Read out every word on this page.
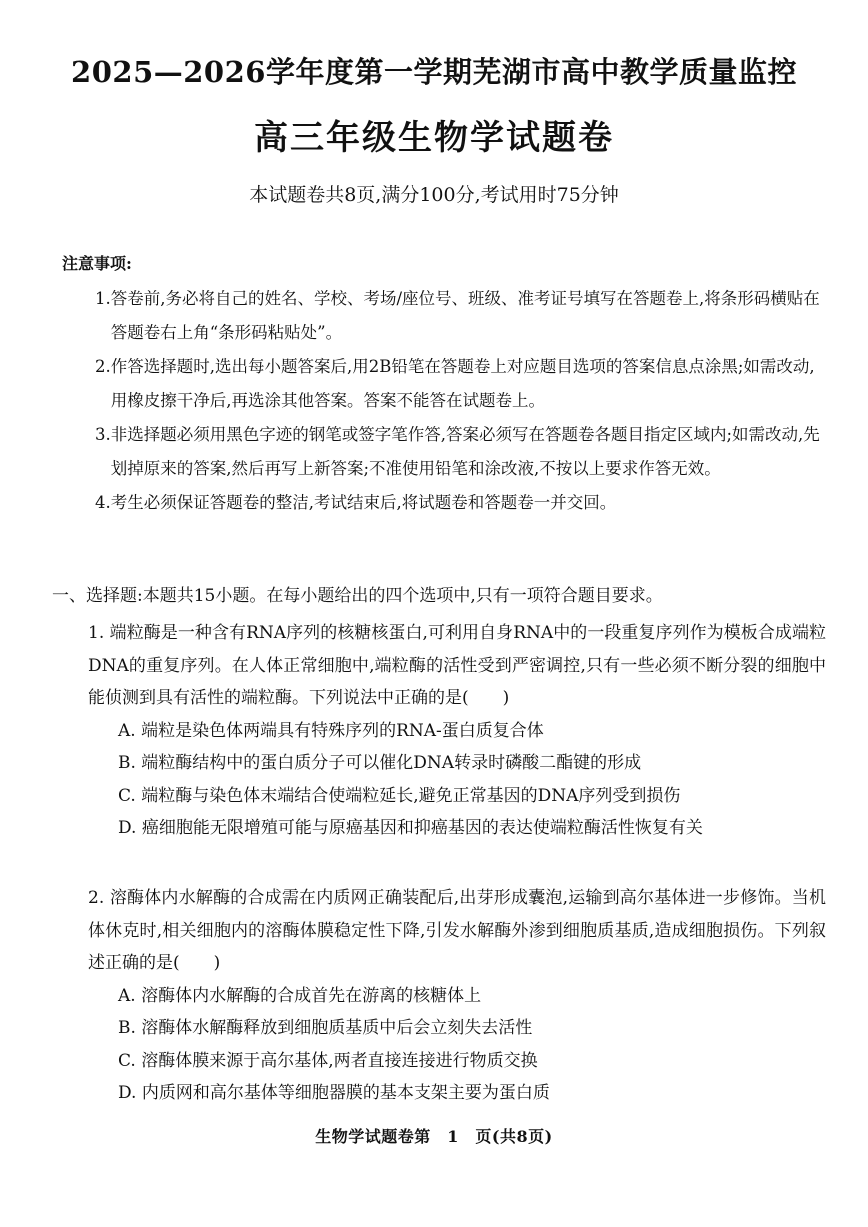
2025—2026学年度第一学期芜湖市高中教学质量监控
高三年级生物学试题卷
本试题卷共8页,满分100分,考试用时75分钟
注意事项:
1. 答卷前,务必将自己的姓名、学校、考场/座位号、班级、准考证号填写在答题卷上,将条形码横贴在答题卷右上角“条形码粘贴处”。
2. 作答选择题时,选出每小题答案后,用2B铅笔在答题卷上对应题目选项的答案信息点涂黑;如需改动,用橡皮擦干净后,再选涂其他答案。答案不能答在试题卷上。
3. 非选择题必须用黑色字迹的钢笔或签字笔作答,答案必须写在答题卷各题目指定区域内;如需改动,先划掉原来的答案,然后再写上新答案;不准使用铅笔和涂改液,不按以上要求作答无效。
4. 考生必须保证答题卷的整洁,考试结束后,将试题卷和答题卷一并交回。
一、选择题:本题共15小题。在每小题给出的四个选项中,只有一项符合题目要求。
1. 端粒酶是一种含有RNA序列的核糖核蛋白,可利用自身RNA中的一段重复序列作为模板合成端粒DNA的重复序列。在人体正常细胞中,端粒酶的活性受到严密调控,只有一些必须不断分裂的细胞中能侦测到具有活性的端粒酶。下列说法中正确的是(　　)
A. 端粒是染色体两端具有特殊序列的RNA-蛋白质复合体
B. 端粒酶结构中的蛋白质分子可以催化DNA转录时磷酸二酯键的形成
C. 端粒酶与染色体末端结合使端粒延长,避免正常基因的DNA序列受到损伤
D. 癌细胞能无限增殖可能与原癌基因和抑癌基因的表达使端粒酶活性恢复有关
2. 溶酶体内水解酶的合成需在内质网正确装配后,出芽形成囊泡,运输到高尔基体进一步修饰。当机体休克时,相关细胞内的溶酶体膜稳定性下降,引发水解酶外渗到细胞质基质,造成细胞损伤。下列叙述正确的是(　　)
A. 溶酶体内水解酶的合成首先在游离的核糖体上
B. 溶酶体水解酶释放到细胞质基质中后会立刻失去活性
C. 溶酶体膜来源于高尔基体,两者直接连接进行物质交换
D. 内质网和高尔基体等细胞器膜的基本支架主要为蛋白质
生物学试题卷第　1　页(共8页)
